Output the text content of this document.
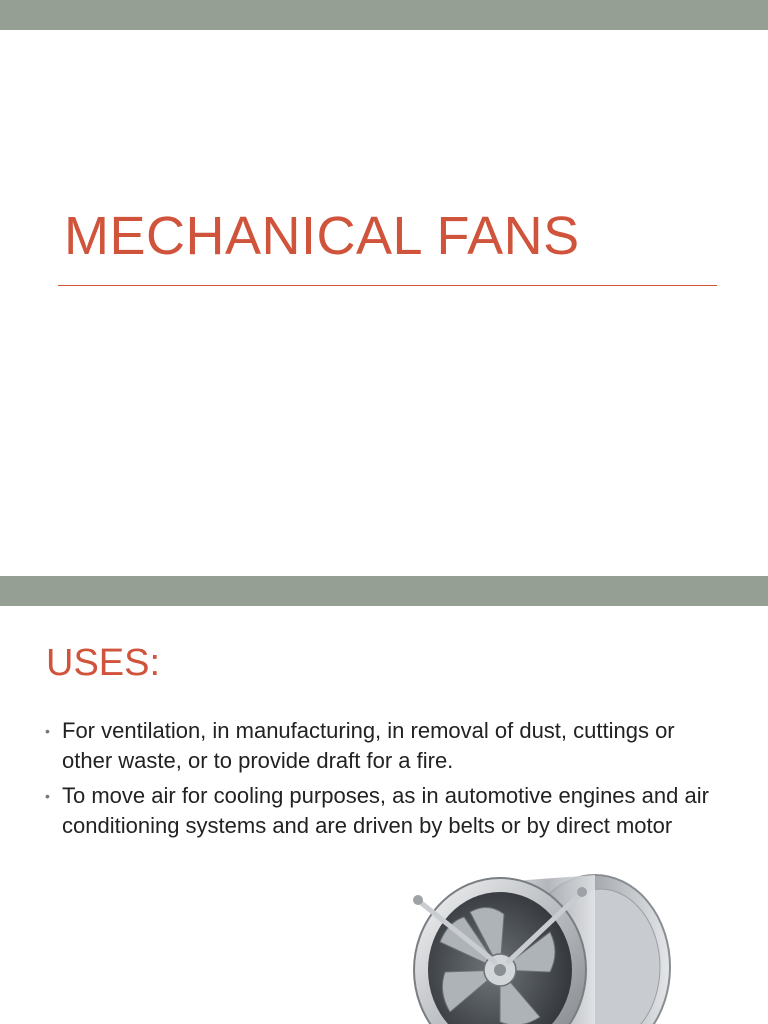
MECHANICAL FANS
USES:
• For ventilation, in manufacturing, in removal of dust, cuttings or other waste, or to provide draft for a fire.
• To move air for cooling purposes, as in automotive engines and air conditioning systems and are driven by belts or by direct motor
